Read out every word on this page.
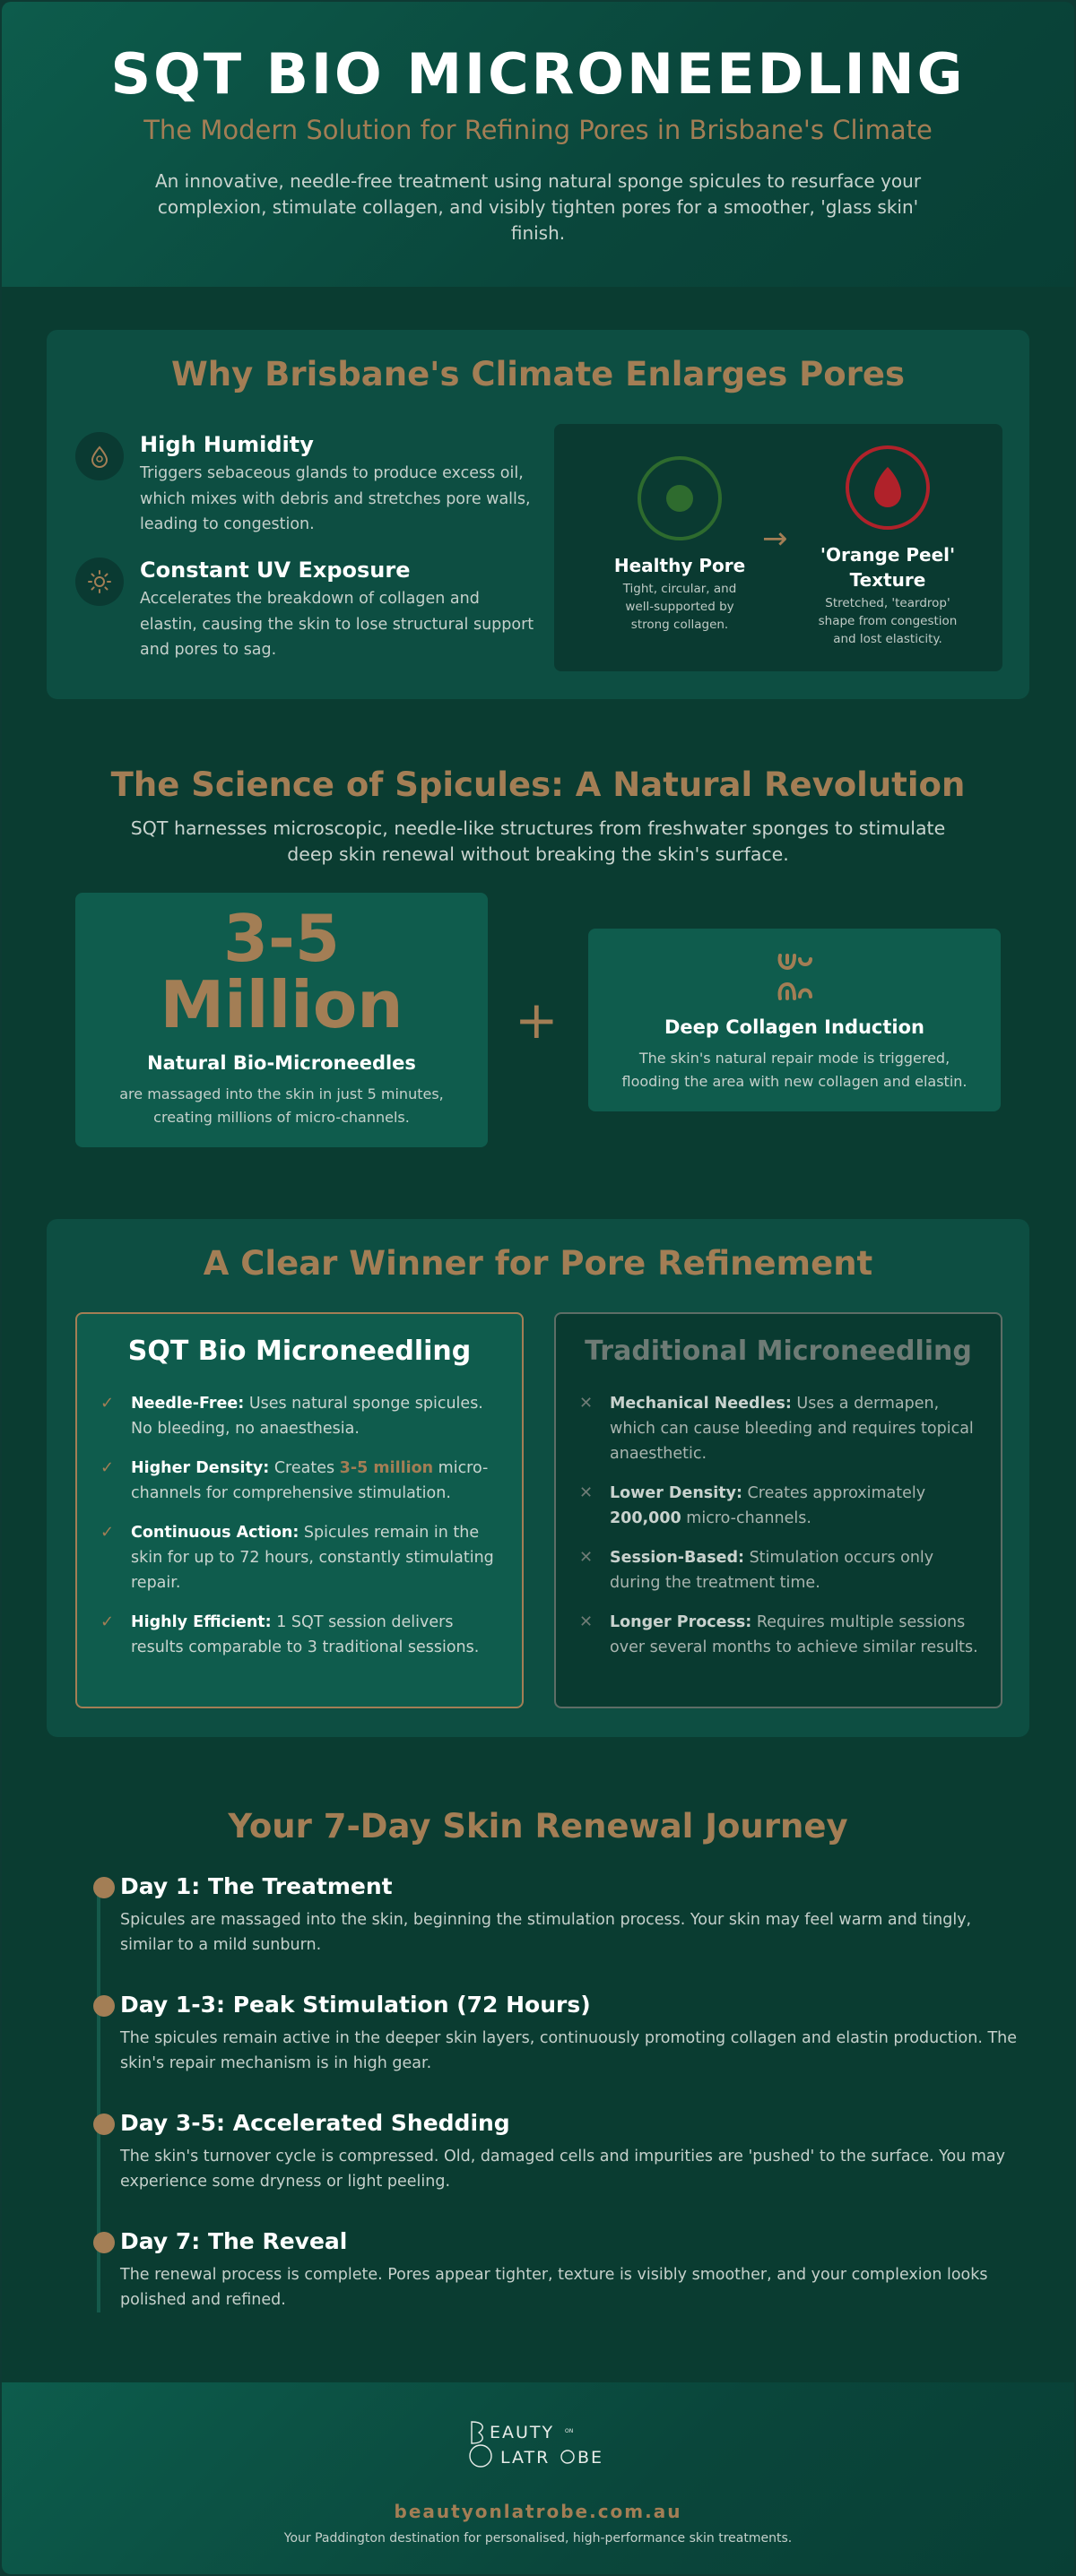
SQT BIO MICRONEEDLING
The Modern Solution for Refining Pores in Brisbane's Climate
An innovative, needle-free treatment using natural sponge spicules to resurface your complexion, stimulate collagen, and visibly tighten pores for a smoother, 'glass skin' finish.
Why Brisbane's Climate Enlarges Pores
High Humidity

Triggers sebaceous glands to produce excess oil, which mixes with debris and stretches pore walls, leading to congestion.

Constant UV Exposure

Accelerates the breakdown of collagen and elastin, causing the skin to lose structural support and pores to sag.

Healthy Pore

Tight, circular, and well-supported by strong collagen.

→	'Orange Peel' Texture

Stretched, 'teardrop' shape from congestion and lost elasticity.

The Science of Spicules: A Natural Revolution
SQT harnesses microscopic, needle-like structures from freshwater sponges to stimulate deep skin renewal without breaking the skin's surface.
3-5
Million
Natural Bio-Microneedles

are massaged into the skin in just 5 minutes, creating millions of micro-channels.

+	Deep Collagen Induction

The skin's natural repair mode is triggered, flooding the area with new collagen and elastin.

A Clear Winner for Pore Refinement
SQT Bio Microneedling
✓ Needle-Free: Uses natural sponge spicules. No bleeding, no anaesthesia.
✓ Higher Density: Creates 3-5 million micro-channels for comprehensive stimulation.
✓ Continuous Action: Spicules remain in the skin for up to 72 hours, constantly stimulating repair.
✓ Highly Efficient: 1 SQT session delivers results comparable to 3 traditional sessions.
Traditional Microneedling
✕ Mechanical Needles: Uses a dermapen, which can cause bleeding and requires topical anaesthetic.
✕ Lower Density: Creates approximately 200,000 micro-channels.
✕ Session-Based: Stimulation occurs only during the treatment time.
✕ Longer Process: Requires multiple sessions over several months to achieve similar results.
Your 7-Day Skin Renewal Journey
Day 1: The Treatment

Spicules are massaged into the skin, beginning the stimulation process. Your skin may feel warm and tingly, similar to a mild sunburn.

Day 1-3: Peak Stimulation (72 Hours)

The spicules remain active in the deeper skin layers, continuously promoting collagen and elastin production. The skin's repair mechanism is in high gear.

Day 3-5: Accelerated Shedding

The skin's turnover cycle is compressed. Old, damaged cells and impurities are 'pushed' to the surface. You may experience some dryness or light peeling.

Day 7: The Reveal

The renewal process is complete. Pores appear tighter, texture is visibly smoother, and your complexion looks polished and refined.

EAUTY ON
LATR BE
beautyonlatrobe.com.au
Your Paddington destination for personalised, high-performance skin treatments.
